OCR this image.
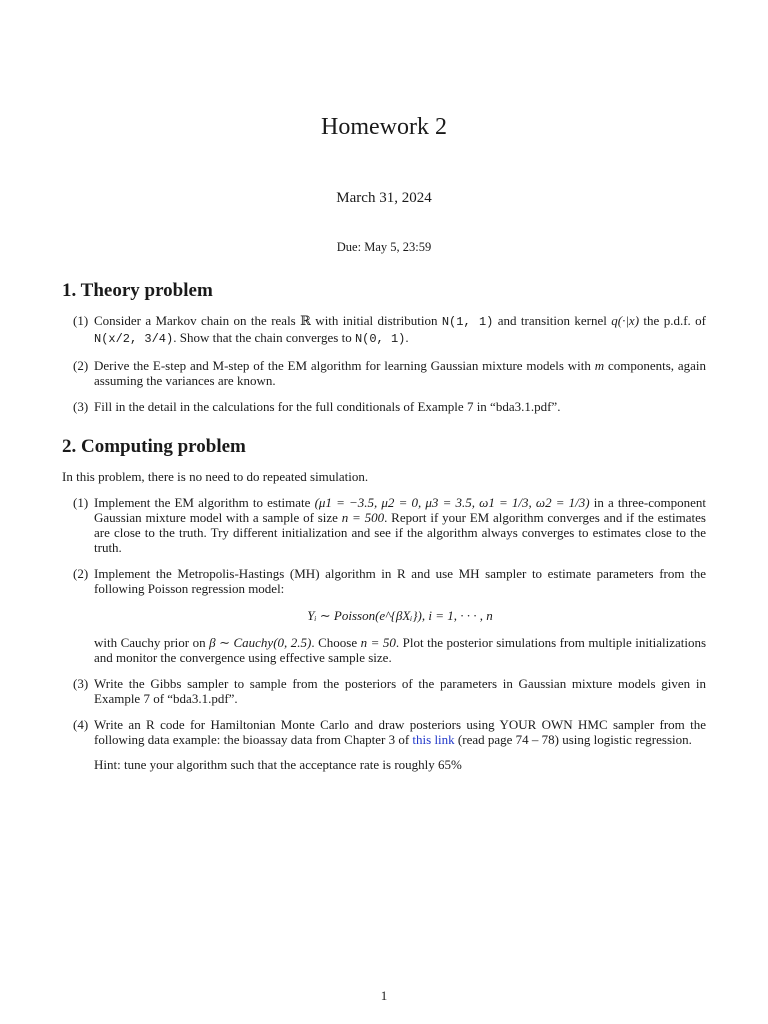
Homework 2
March 31, 2024
Due: May 5, 23:59
1. Theory problem
(1) Consider a Markov chain on the reals ℝ with initial distribution N(1, 1) and transition kernel q(·|x) the p.d.f. of N(x/2, 3/4). Show that the chain converges to N(0, 1).
(2) Derive the E-step and M-step of the EM algorithm for learning Gaussian mixture models with m components, again assuming the variances are known.
(3) Fill in the detail in the calculations for the full conditionals of Example 7 in “bda3.1.pdf”.
2. Computing problem
In this problem, there is no need to do repeated simulation.
(1) Implement the EM algorithm to estimate (μ1 = −3.5, μ2 = 0, μ3 = 3.5, ω1 = 1/3, ω2 = 1/3) in a three-component Gaussian mixture model with a sample of size n = 500. Report if your EM algorithm converges and if the estimates are close to the truth. Try different initialization and see if the algorithm always converges to estimates close to the truth.
(2) Implement the Metropolis-Hastings (MH) algorithm in R and use MH sampler to estimate parameters from the following Poisson regression model:
Yᵢ ∼ Poisson(e^{βXᵢ}), i = 1, · · · , n
with Cauchy prior on β ∼ Cauchy(0, 2.5). Choose n = 50. Plot the posterior simulations from multiple initializations and monitor the convergence using effective sample size.
(3) Write the Gibbs sampler to sample from the posteriors of the parameters in Gaussian mixture models given in Example 7 of “bda3.1.pdf”.
(4) Write an R code for Hamiltonian Monte Carlo and draw posteriors using YOUR OWN HMC sampler from the following data example: the bioassay data from Chapter 3 of this link (read page 74 – 78) using logistic regression.
Hint: tune your algorithm such that the acceptance rate is roughly 65%
1
